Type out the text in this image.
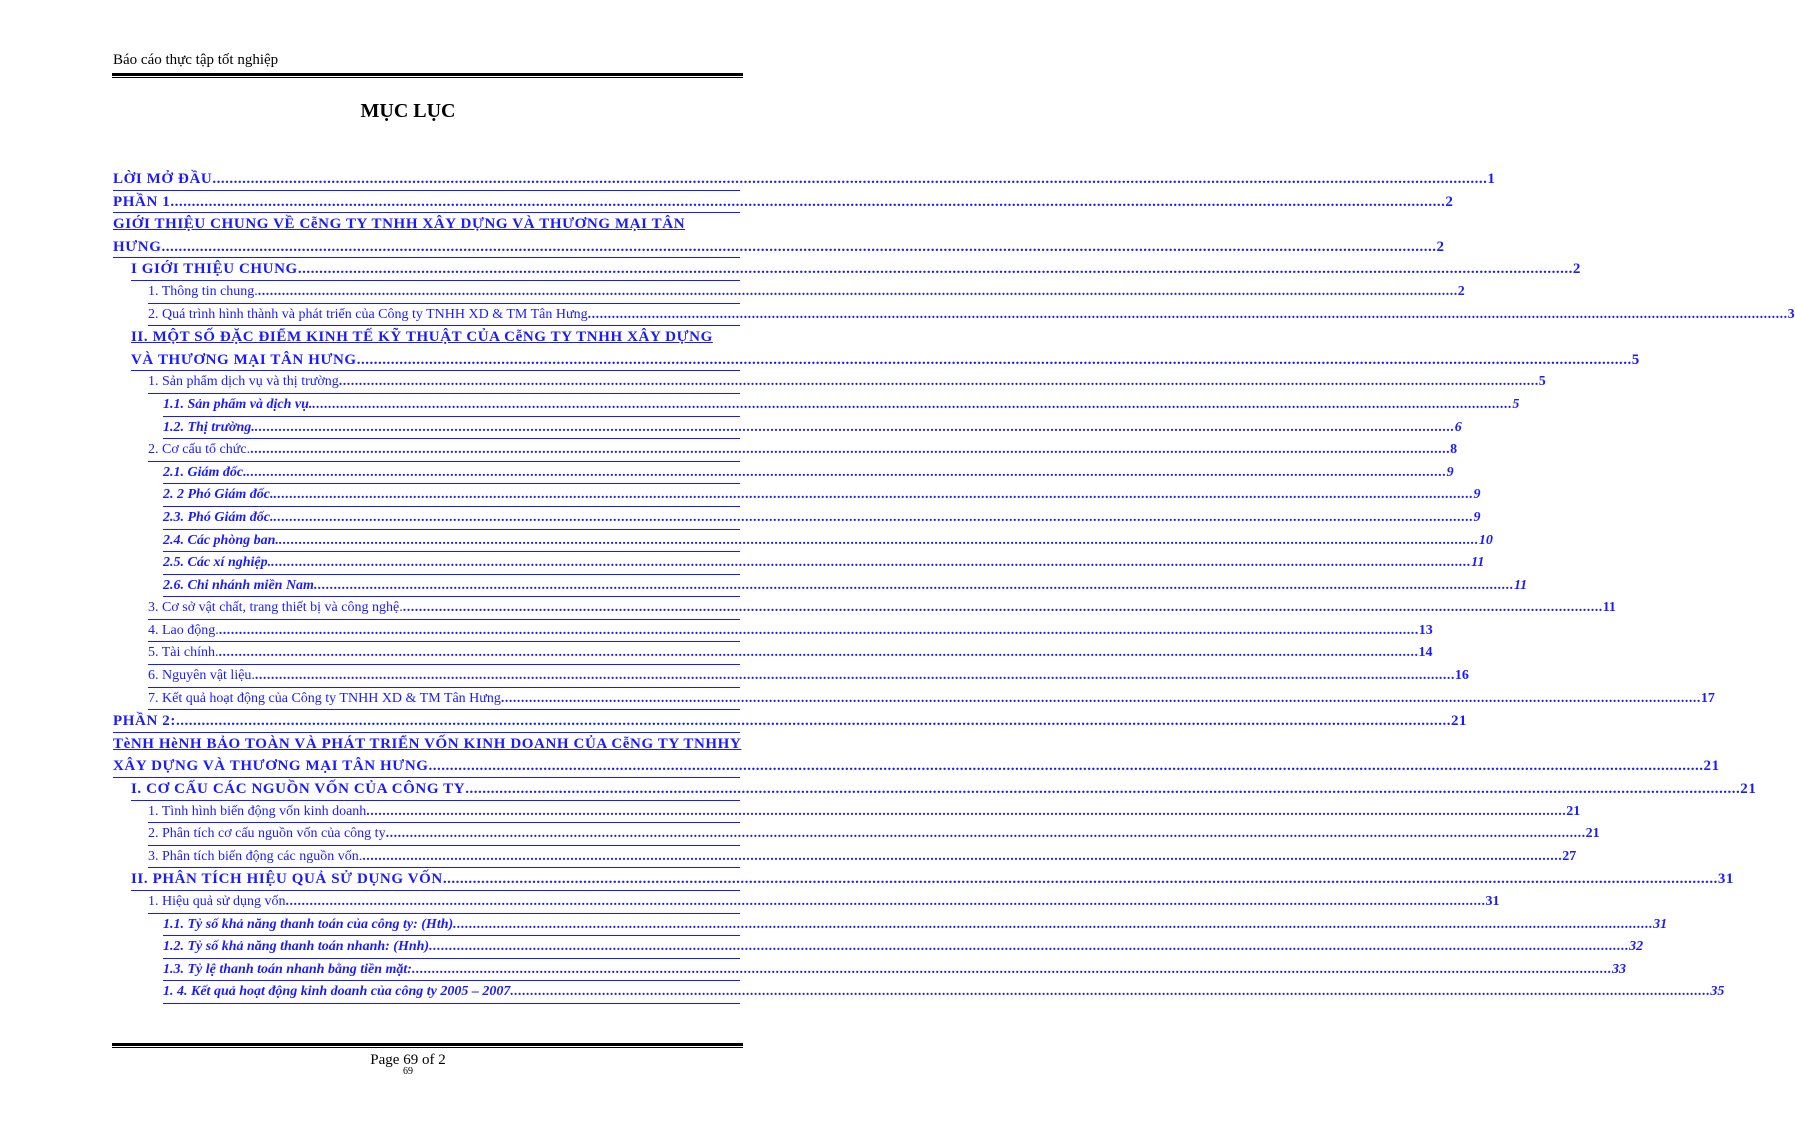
Báo cáo thực tập tốt nghiệp
MỤC LỤC
LỜI MỞ ĐẦU ............................................................................................................................................................................................................................................................................................................ 1
PHẦN 1 ............................................................................................................................................................................................................................................................................................................ 2
GIỚI THIỆU CHUNG VỀ CễNG TY TNHH XÂY DỰNG VÀ THƯƠNG MẠI TÂN
HƯNG ............................................................................................................................................................................................................................................................................................................ 2
I GIỚI THIỆU CHUNG ............................................................................................................................................................................................................................................................................................................ 2
1. Thông tin chung. ............................................................................................................................................................................................................................................................................................................ 2
2. Quá trình hình thành và phát triển của Công ty TNHH XD & TM Tân Hưng ............................................................................................................................................................................................................................................................................................................ 3
II. MỘT SỐ ĐẶC ĐIỂM KINH TẾ KỸ THUẬT CỦA CễNG TY TNHH XÂY DỰNG
VÀ THƯƠNG MẠI TÂN HƯNG ............................................................................................................................................................................................................................................................................................................ 5
1. Sản phẩm dịch vụ và thị trường ............................................................................................................................................................................................................................................................................................................ 5
1.1. Sản phẩm và dịch vụ. ............................................................................................................................................................................................................................................................................................................ 5
1.2. Thị trường. ............................................................................................................................................................................................................................................................................................................ 6
2. Cơ cấu tổ chức. ............................................................................................................................................................................................................................................................................................................ 8
2.1. Giám đốc. ............................................................................................................................................................................................................................................................................................................ 9
2. 2 Phó Giám đốc. ............................................................................................................................................................................................................................................................................................................ 9
2.3. Phó Giám đốc. ............................................................................................................................................................................................................................................................................................................ 9
2.4. Các phòng ban. ............................................................................................................................................................................................................................................................................................................ 10
2.5. Các xí nghiệp. ............................................................................................................................................................................................................................................................................................................ 11
2.6. Chi nhánh miền Nam ............................................................................................................................................................................................................................................................................................................ 11
3. Cơ sở vật chất, trang thiết bị và công nghệ. ............................................................................................................................................................................................................................................................................................................ 11
4. Lao động. ............................................................................................................................................................................................................................................................................................................ 13
5. Tài chính. ............................................................................................................................................................................................................................................................................................................ 14
6. Nguyên vật liệu. ............................................................................................................................................................................................................................................................................................................ 16
7. Kết quả hoạt động của Công ty TNHH XD & TM Tân Hưng ............................................................................................................................................................................................................................................................................................................ 17
PHẦN 2: ............................................................................................................................................................................................................................................................................................................ 21
TèNH HèNH BẢO TOÀN VÀ PHÁT TRIỂN VỐN KINH DOANH CỦA CễNG TY TNHHY
XÂY DỰNG VÀ THƯƠNG MẠI TÂN HƯNG ............................................................................................................................................................................................................................................................................................................ 21
I. CƠ CẤU CÁC NGUỒN VỐN CỦA CÔNG TY ............................................................................................................................................................................................................................................................................................................ 21
1. Tình hình biến động vốn kinh doanh ............................................................................................................................................................................................................................................................................................................ 21
2. Phân tích cơ cấu nguồn vốn của công ty ............................................................................................................................................................................................................................................................................................................ 21
3. Phân tích biến động các nguồn vốn. ............................................................................................................................................................................................................................................................................................................ 27
II. PHÂN TÍCH HIỆU QUẢ SỬ DỤNG VỐN ............................................................................................................................................................................................................................................................................................................ 31
1. Hiệu quả sử dụng vốn ............................................................................................................................................................................................................................................................................................................ 31
1.1. Tỷ số khả năng thanh toán của công ty: (Hth) ............................................................................................................................................................................................................................................................................................................ 31
1.2. Tỷ số khả năng thanh toán nhanh: (Hnh) ............................................................................................................................................................................................................................................................................................................ 32
1.3. Tỷ lệ thanh toán nhanh bằng tiền mặt: ............................................................................................................................................................................................................................................................................................................ 33
1. 4. Kết quả hoạt động kinh doanh của công ty 2005 – 2007 ............................................................................................................................................................................................................................................................................................................ 35
Page 69 of 2
69
